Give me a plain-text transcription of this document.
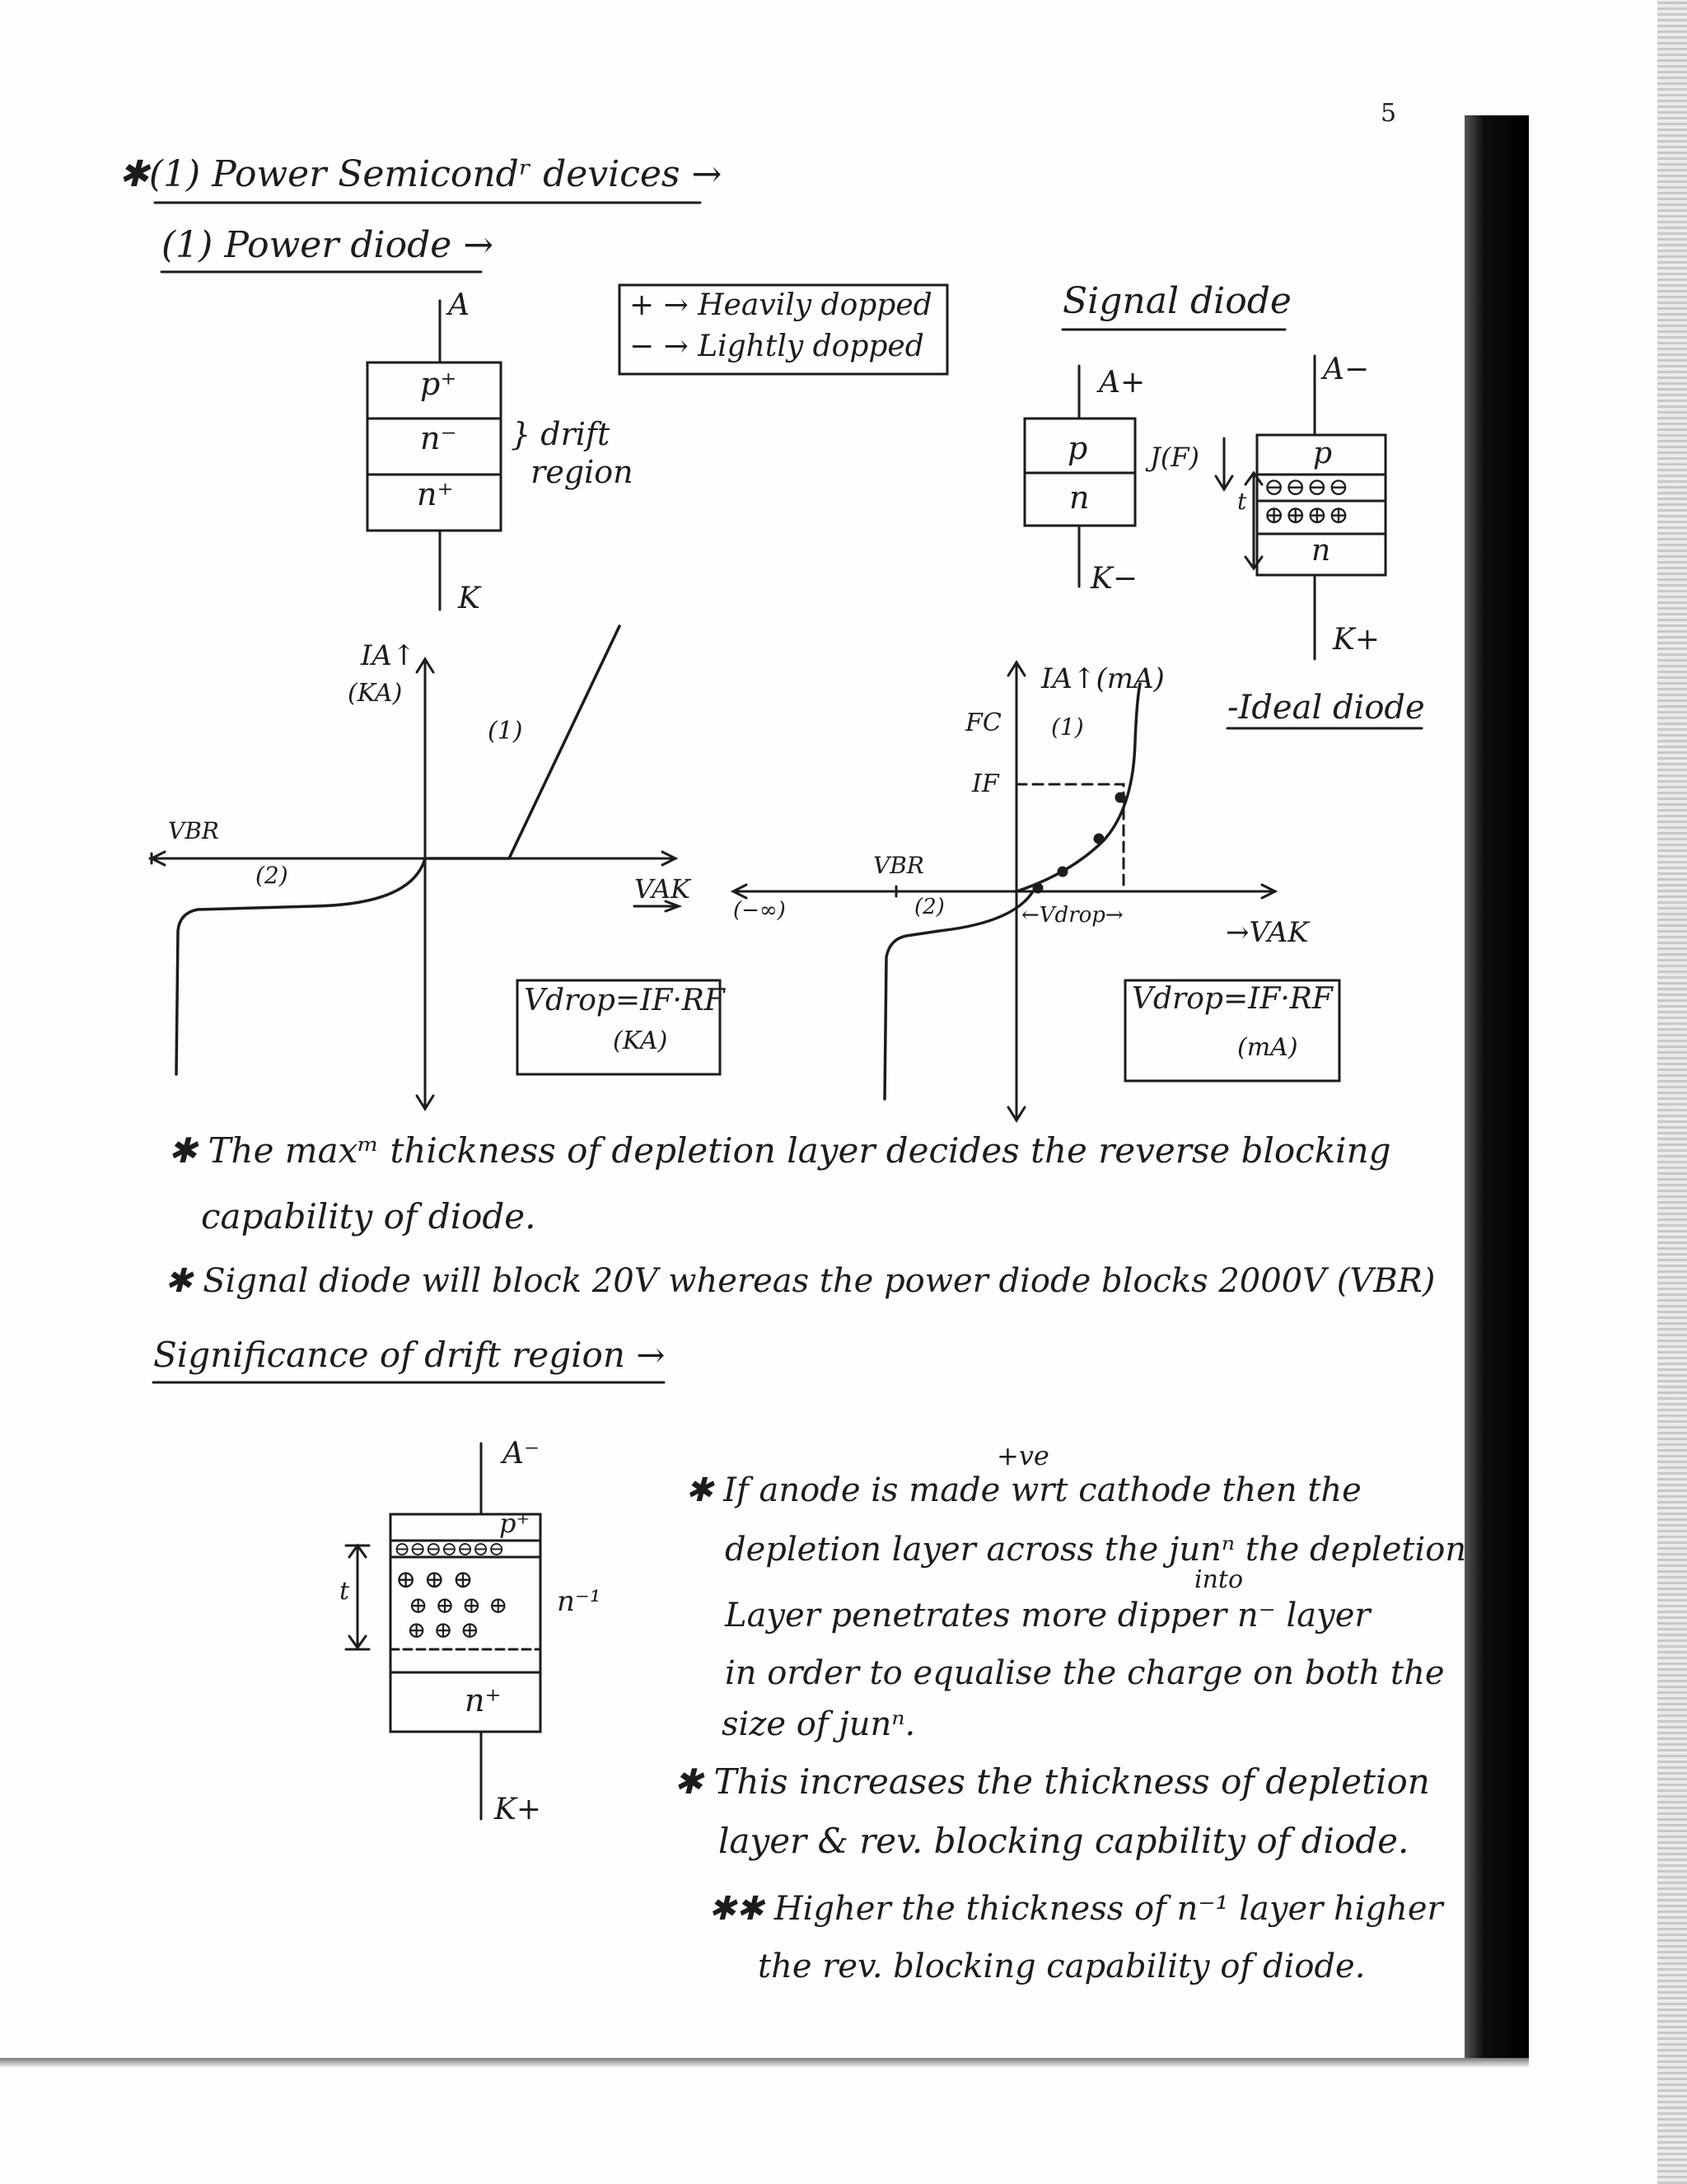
5
✱(1) Power Semicondʳ devices →
(1) Power diode →
A
p⁺
n⁻
n⁺
K
} drift
region
+ → Heavily dopped
− → Lightly dopped
Signal diode
A+
p
n
K−
J(F)
A−
p
⊖⊖⊖⊖
⊕⊕⊕⊕
t
n
K+
-Ideal diode
IA↑
(KA)
(1)
VBR
(2)	VAK
Vdrop=IF·RF
(KA)
IA↑(mA)
FC (1)
IF
VBR
(−∞)	(2)	←Vdrop→
→VAK
Vdrop=IF·RF
(mA)
✱ The maxᵐ thickness of depletion layer decides the reverse blocking
capability of diode.
✱ Signal diode will block 20V whereas the power diode blocks 2000V (VBR)
Significance of drift region →
A⁻
p⁺
⊖⊖⊖⊖⊖⊖⊖
⊕ ⊕ ⊕
⊕ ⊕ ⊕ ⊕
⊕ ⊕ ⊕
n⁻¹
n⁺
t
K+
+ve
✱ If anode is made wrt cathode then the
depletion layer across the junⁿ the depletion
into
Layer penetrates more dipper n⁻ layer
in order to equalise the charge on both the
size of junⁿ.
✱ This increases the thickness of depletion
layer & rev. blocking capbility of diode.
✱✱ Higher the thickness of n⁻¹ layer higher
the rev. blocking capability of diode.
